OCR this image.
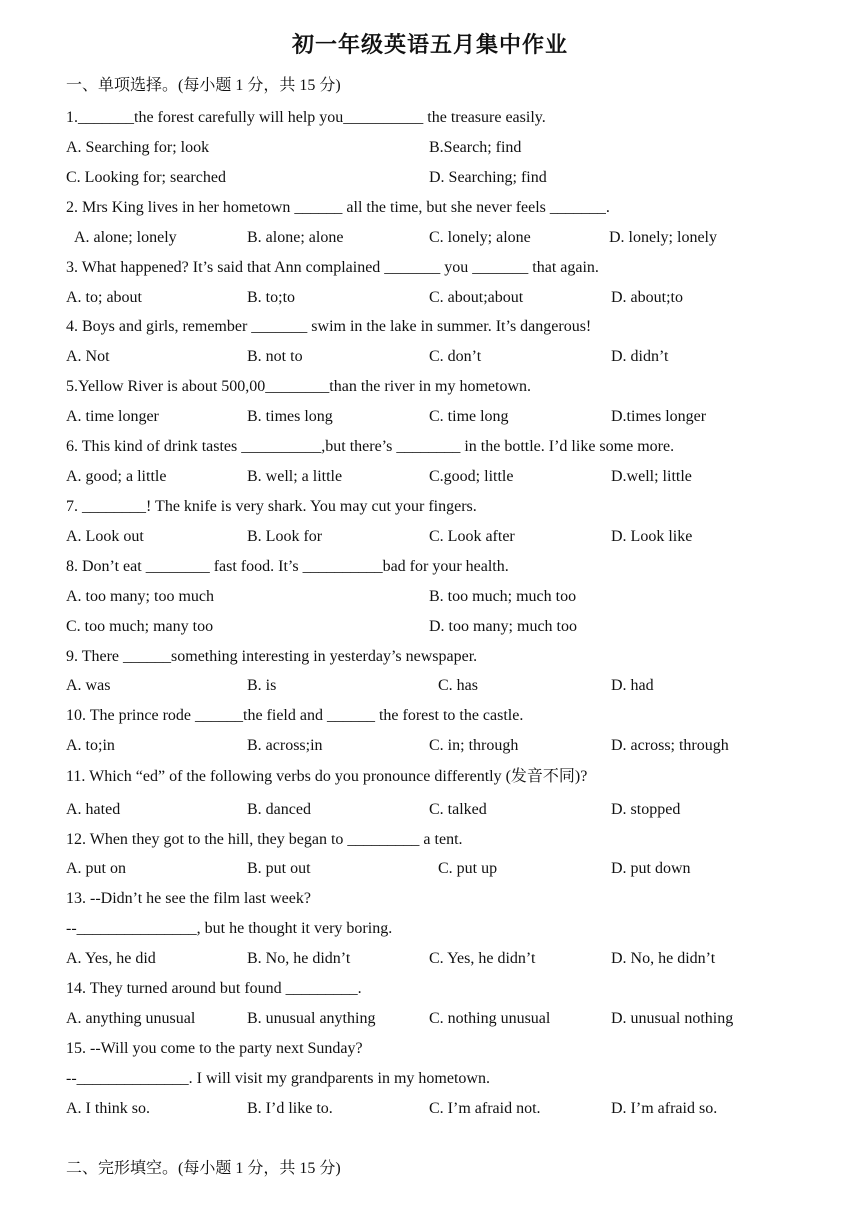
初一年级英语五月集中作业
一、单项选择。(每小题 1 分，共 15 分)
1._______the forest carefully will help you__________ the treasure easily.
A. Searching for; look	B.Search; find
C. Looking for; searched	D. Searching; find
2. Mrs King lives in her hometown ______ all the time, but she never feels _______.
A. alone; lonely	B. alone; alone	C. lonely; alone	D. lonely; lonely
3. What happened? It’s said that Ann complained _______ you _______ that again.
A. to; about	B. to;to	C. about;about	D. about;to
4. Boys and girls, remember _______ swim in the lake in summer. It’s dangerous!
A. Not	B. not to	C. don’t	D. didn’t
5.Yellow River is about 500,00________than the river in my hometown.
A. time longer	B. times long	C. time long	D.times longer
6. This kind of drink tastes __________,but there’s ________ in the bottle. I’d like some more.
A. good; a little	B. well; a little	C.good; little	D.well; little
7. ________! The knife is very shark. You may cut your fingers.
A. Look out	B. Look for	C. Look after	D. Look like
8. Don’t eat ________ fast food. It’s __________bad for your health.
A. too many; too much	B. too much; much too
C. too much; many too	D. too many; much too
9. There ______something interesting in yesterday’s newspaper.
A. was	B. is	C. has	D. had
10. The prince rode ______the field and ______ the forest to the castle.
A. to;in	B. across;in	C. in; through	D. across; through
11. Which “ed” of the following verbs do you pronounce differently (发音不同)?
A. hated	B. danced	C. talked	D. stopped
12. When they got to the hill, they began to _________ a tent.
A. put on	B. put out	C. put up	D. put down
13. --Didn’t he see the film last week?
--_______________, but he thought it very boring.
A. Yes, he did	B. No, he didn’t	C. Yes, he didn’t	D. No, he didn’t
14. They turned around but found _________.
A. anything unusual	B. unusual anything	C. nothing unusual	D. unusual nothing
15. --Will you come to the party next Sunday?
--______________. I will visit my grandparents in my hometown.
A. I think so.	B. I’d like to.	C. I’m afraid not.	D. I’m afraid so.
二、完形填空。(每小题 1 分，共 15 分)
